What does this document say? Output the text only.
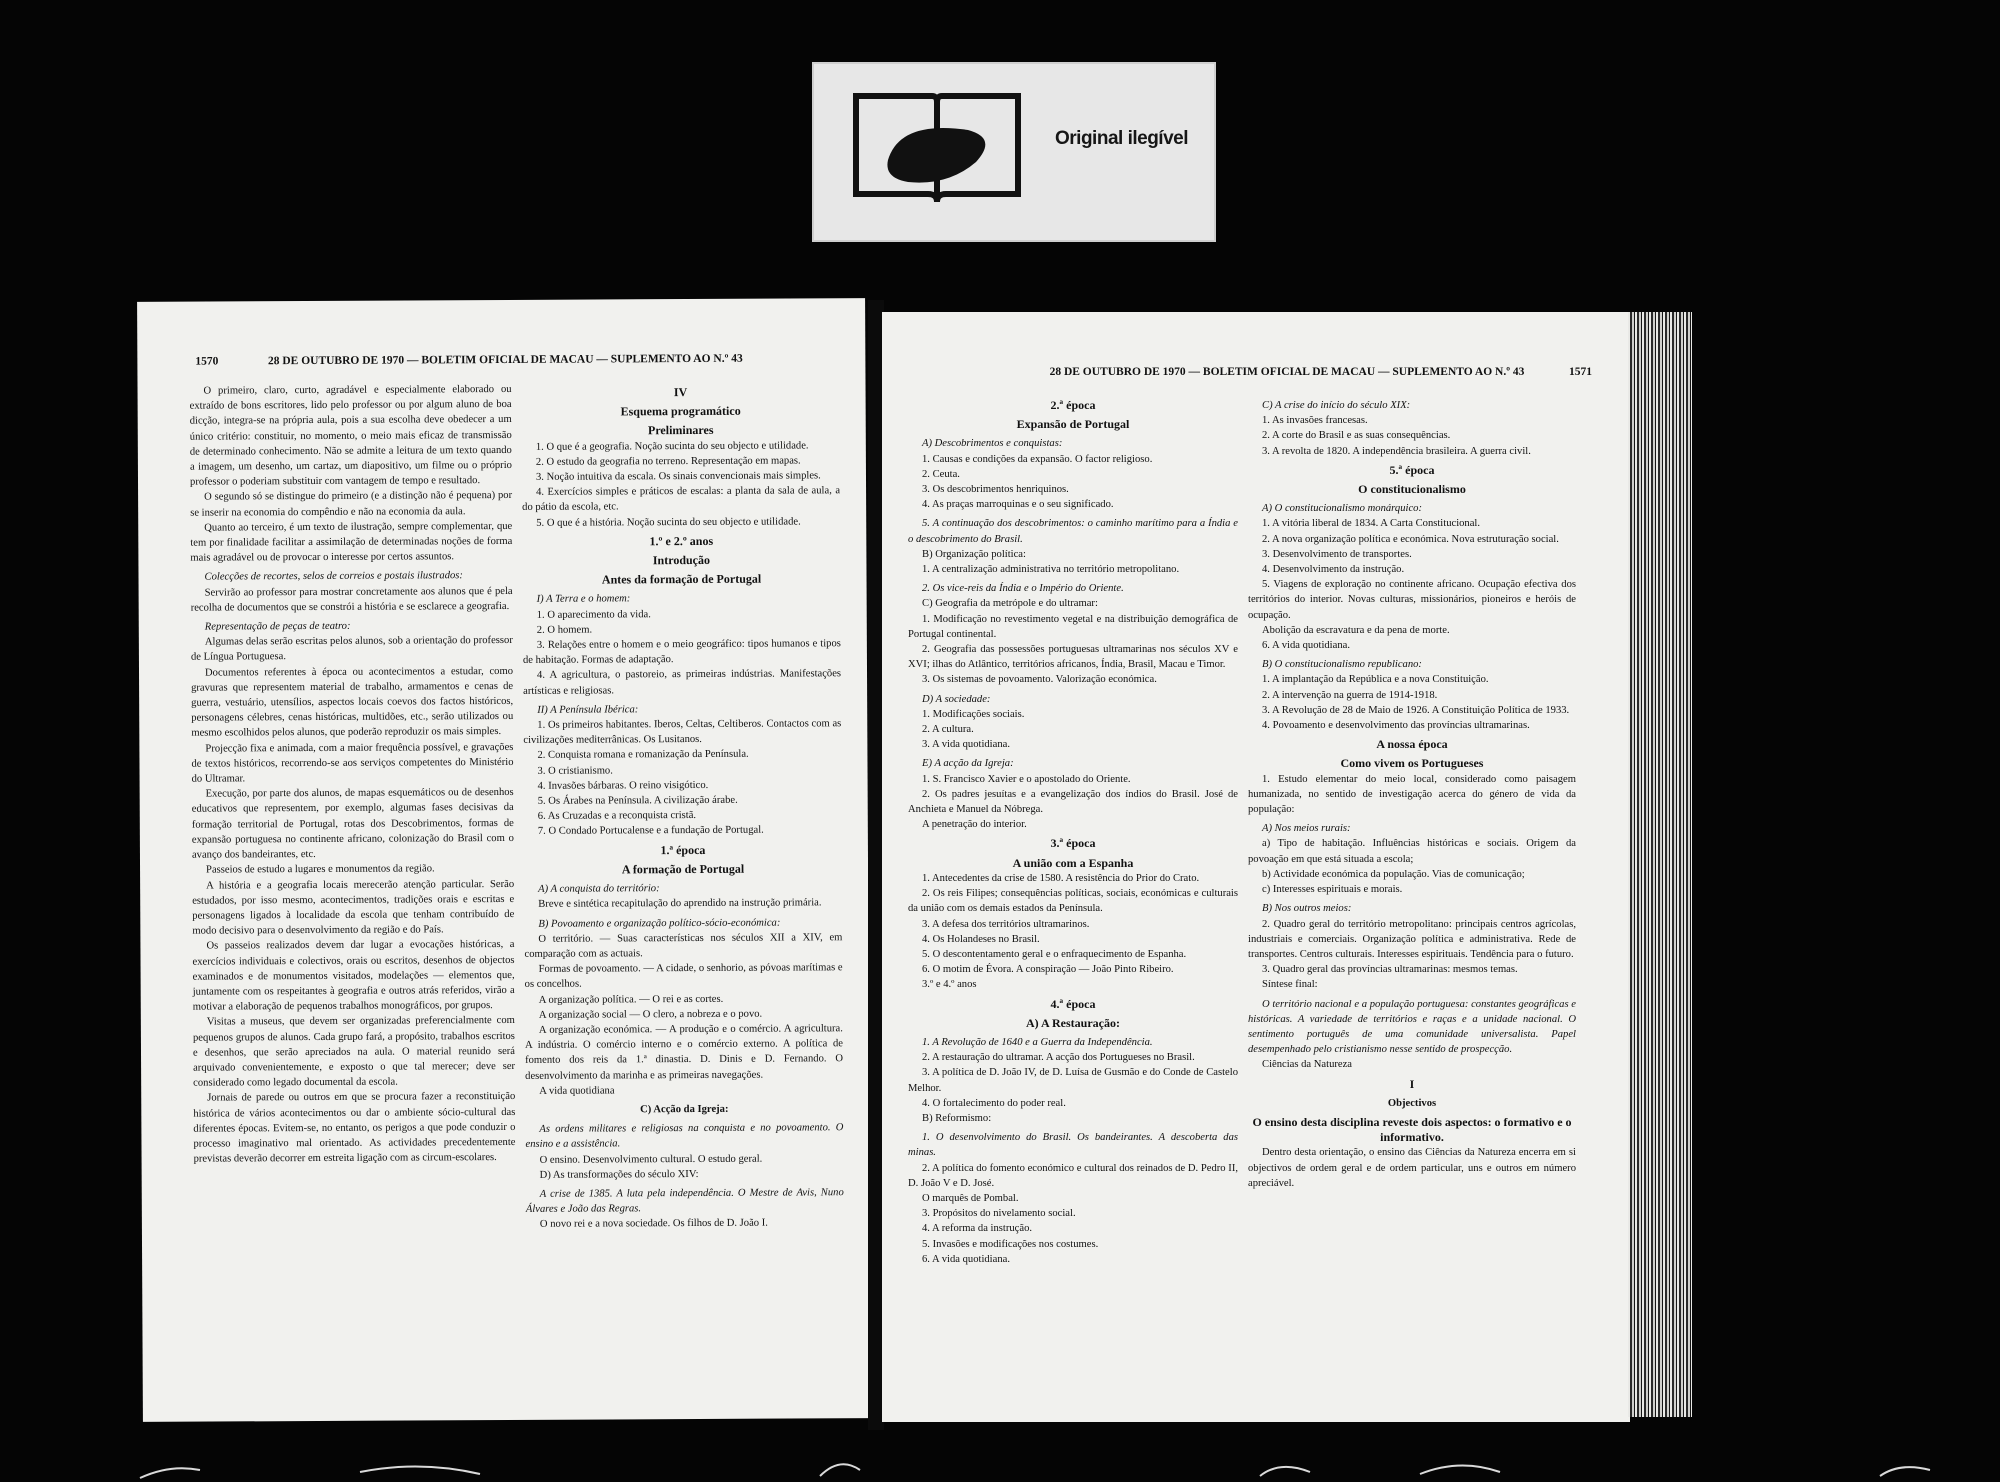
Original ilegível
1570	28 DE OUTUBRO DE 1970 — BOLETIM OFICIAL DE MACAU — SUPLEMENTO AO N.º 43

O primeiro, claro, curto, agradável e especialmente elaborado ou extraído de bons escritores, lido pelo professor ou por algum aluno de boa dicção, integra-se na própria aula, pois a sua escolha deve obedecer a um único critério: constituir, no momento, o meio mais eficaz de transmissão de determinado conhecimento. Não se admite a leitura de um texto quando a imagem, um desenho, um cartaz, um diapositivo, um filme ou o próprio professor o poderiam substituir com vantagem de tempo e resultado.

O segundo só se distingue do primeiro (e a distinção não é pequena) por se inserir na economia do compêndio e não na economia da aula.

Quanto ao terceiro, é um texto de ilustração, sempre complementar, que tem por finalidade facilitar a assimilação de determinadas noções de forma mais agradável ou de provocar o interesse por certos assuntos.

Colecções de recortes, selos de correios e postais ilustrados:

Servirão ao professor para mostrar concretamente aos alunos que é pela recolha de documentos que se constrói a história e se esclarece a geografia.

Representação de peças de teatro:

Algumas delas serão escritas pelos alunos, sob a orientação do professor de Língua Portuguesa.

Documentos referentes à época ou acontecimentos a estudar, como gravuras que representem material de trabalho, armamentos e cenas de guerra, vestuário, utensílios, aspectos locais coevos dos factos históricos, personagens célebres, cenas históricas, multidões, etc., serão utilizados ou mesmo escolhidos pelos alunos, que poderão reproduzir os mais simples.

Projecção fixa e animada, com a maior frequência possível, e gravações de textos históricos, recorrendo-se aos serviços competentes do Ministério do Ultramar.

Execução, por parte dos alunos, de mapas esquemáticos ou de desenhos educativos que representem, por exemplo, algumas fases decisivas da formação territorial de Portugal, rotas dos Descobrimentos, formas de expansão portuguesa no continente africano, colonização do Brasil com o avanço dos bandeirantes, etc.

Passeios de estudo a lugares e monumentos da região.

A história e a geografia locais merecerão atenção particular. Serão estudados, por isso mesmo, acontecimentos, tradições orais e escritas e personagens ligados à localidade da escola que tenham contribuído de modo decisivo para o desenvolvimento da região e do País.

Os passeios realizados devem dar lugar a evocações históricas, a exercícios individuais e colectivos, orais ou escritos, desenhos de objectos examinados e de monumentos visitados, modelações — elementos que, juntamente com os respeitantes à geografia e outros atrás referidos, virão a motivar a elaboração de pequenos trabalhos monográficos, por grupos.

Visitas a museus, que devem ser organizadas preferencialmente com pequenos grupos de alunos. Cada grupo fará, a propósito, trabalhos escritos e desenhos, que serão apreciados na aula. O material reunido será arquivado convenientemente, e exposto o que tal merecer; deve ser considerado como legado documental da escola.

Jornais de parede ou outros em que se procura fazer a reconstituição histórica de vários acontecimentos ou dar o ambiente sócio-cultural das diferentes épocas. Evitem-se, no entanto, os perigos a que pode conduzir o processo imaginativo mal orientado. As actividades precedentemente previstas deverão decorrer em estreita ligação com as circum-escolares.

IV

Esquema programático

Preliminares

1. O que é a geografia. Noção sucinta do seu objecto e utilidade.

2. O estudo da geografia no terreno. Representação em mapas.

3. Noção intuitiva da escala. Os sinais convencionais mais simples.

4. Exercícios simples e práticos de escalas: a planta da sala de aula, a do pátio da escola, etc.

5. O que é a história. Noção sucinta do seu objecto e utilidade.

1.º e 2.º anos

Introdução

Antes da formação de Portugal

I) A Terra e o homem:

1. O aparecimento da vida.

2. O homem.

3. Relações entre o homem e o meio geográfico: tipos humanos e tipos de habitação. Formas de adaptação.

4. A agricultura, o pastoreio, as primeiras indústrias. Manifestações artísticas e religiosas.

II) A Península Ibérica:

1. Os primeiros habitantes. Iberos, Celtas, Celtiberos. Contactos com as civilizações mediterrânicas. Os Lusitanos.

2. Conquista romana e romanização da Península.

3. O cristianismo.

4. Invasões bárbaras. O reino visigótico.

5. Os Árabes na Península. A civilização árabe.

6. As Cruzadas e a reconquista cristã.

7. O Condado Portucalense e a fundação de Portugal.

1.ª época

A formação de Portugal

A) A conquista do território:

Breve e sintética recapitulação do aprendido na instrução primária.

B) Povoamento e organização político-sócio-económica:

O território. — Suas características nos séculos XII a XIV, em comparação com as actuais.

Formas de povoamento. — A cidade, o senhorio, as póvoas marítimas e os concelhos.

A organização política. — O rei e as cortes.

A organização social — O clero, a nobreza e o povo.

A organização económica. — A produção e o comércio. A agricultura. A indústria. O comércio interno e o comércio externo. A política de fomento dos reis da 1.ª dinastia. D. Dinis e D. Fernando. O desenvolvimento da marinha e as primeiras navegações.

A vida quotidiana

C) Acção da Igreja:

As ordens militares e religiosas na conquista e no povoamento. O ensino e a assistência.

O ensino. Desenvolvimento cultural. O estudo geral.

D) As transformações do século XIV:

A crise de 1385. A luta pela independência. O Mestre de Avis, Nuno Álvares e João das Regras.

O novo rei e a nova sociedade. Os filhos de D. João I.

28 DE OUTUBRO DE 1970 — BOLETIM OFICIAL DE MACAU — SUPLEMENTO AO N.º 43	1571

2.ª época

Expansão de Portugal

A) Descobrimentos e conquistas:

1. Causas e condições da expansão. O factor religioso.

2. Ceuta.

3. Os descobrimentos henriquinos.

4. As praças marroquinas e o seu significado.

5. A continuação dos descobrimentos: o caminho marítimo para a Índia e o descobrimento do Brasil.

B) Organização política:

1. A centralização administrativa no território metropolitano.

2. Os vice-reis da Índia e o Império do Oriente.

C) Geografia da metrópole e do ultramar:

1. Modificação no revestimento vegetal e na distribuição demográfica de Portugal continental.

2. Geografia das possessões portuguesas ultramarinas nos séculos XV e XVI; ilhas do Atlântico, territórios africanos, Índia, Brasil, Macau e Timor.

3. Os sistemas de povoamento. Valorização económica.

D) A sociedade:

1. Modificações sociais.

2. A cultura.

3. A vida quotidiana.

E) A acção da Igreja:

1. S. Francisco Xavier e o apostolado do Oriente.

2. Os padres jesuítas e a evangelização dos índios do Brasil. José de Anchieta e Manuel da Nóbrega.

A penetração do interior.

3.ª época

A união com a Espanha

1. Antecedentes da crise de 1580. A resistência do Prior do Crato.

2. Os reis Filipes; consequências políticas, sociais, económicas e culturais da união com os demais estados da Península.

3. A defesa dos territórios ultramarinos.

4. Os Holandeses no Brasil.

5. O descontentamento geral e o enfraquecimento de Espanha.

6. O motim de Évora. A conspiração — João Pinto Ribeiro.

3.º e 4.º anos

4.ª época

A) A Restauração:

1. A Revolução de 1640 e a Guerra da Independência.

2. A restauração do ultramar. A acção dos Portugueses no Brasil.

3. A política de D. João IV, de D. Luísa de Gusmão e do Conde de Castelo Melhor.

4. O fortalecimento do poder real.

B) Reformismo:

1. O desenvolvimento do Brasil. Os bandeirantes. A descoberta das minas.

2. A política do fomento económico e cultural dos reinados de D. Pedro II, D. João V e D. José.

O marquês de Pombal.

3. Propósitos do nivelamento social.

4. A reforma da instrução.

5. Invasões e modificações nos costumes.

6. A vida quotidiana.

C) A crise do início do século XIX:

1. As invasões francesas.

2. A corte do Brasil e as suas consequências.

3. A revolta de 1820. A independência brasileira. A guerra civil.

5.ª época

O constitucionalismo

A) O constitucionalismo monárquico:

1. A vitória liberal de 1834. A Carta Constitucional.

2. A nova organização política e económica. Nova estruturação social.

3. Desenvolvimento de transportes.

4. Desenvolvimento da instrução.

5. Viagens de exploração no continente africano. Ocupação efectiva dos territórios do interior. Novas culturas, missionários, pioneiros e heróis de ocupação.

Abolição da escravatura e da pena de morte.

6. A vida quotidiana.

B) O constitucionalismo republicano:

1. A implantação da República e a nova Constituição.

2. A intervenção na guerra de 1914-1918.

3. A Revolução de 28 de Maio de 1926. A Constituição Política de 1933.

4. Povoamento e desenvolvimento das províncias ultramarinas.

A nossa época

Como vivem os Portugueses

1. Estudo elementar do meio local, considerado como paisagem humanizada, no sentido de investigação acerca do género de vida da população:

A) Nos meios rurais:

a) Tipo de habitação. Influências históricas e sociais. Origem da povoação em que está situada a escola;

b) Actividade económica da população. Vias de comunicação;

c) Interesses espirituais e morais.

B) Nos outros meios:

2. Quadro geral do território metropolitano: principais centros agrícolas, industriais e comerciais. Organização política e administrativa. Rede de transportes. Centros culturais. Interesses espirituais. Tendência para o futuro.

3. Quadro geral das províncias ultramarinas: mesmos temas.

Síntese final:

O território nacional e a população portuguesa: constantes geográficas e históricas. A variedade de territórios e raças e a unidade nacional. O sentimento português de uma comunidade universalista. Papel desempenhado pelo cristianismo nesse sentido de prospecção.

Ciências da Natureza

I

Objectivos

O ensino desta disciplina reveste dois aspectos: o formativo e o informativo.

Dentro desta orientação, o ensino das Ciências da Natureza encerra em si objectivos de ordem geral e de ordem particular, uns e outros em número apreciável.
